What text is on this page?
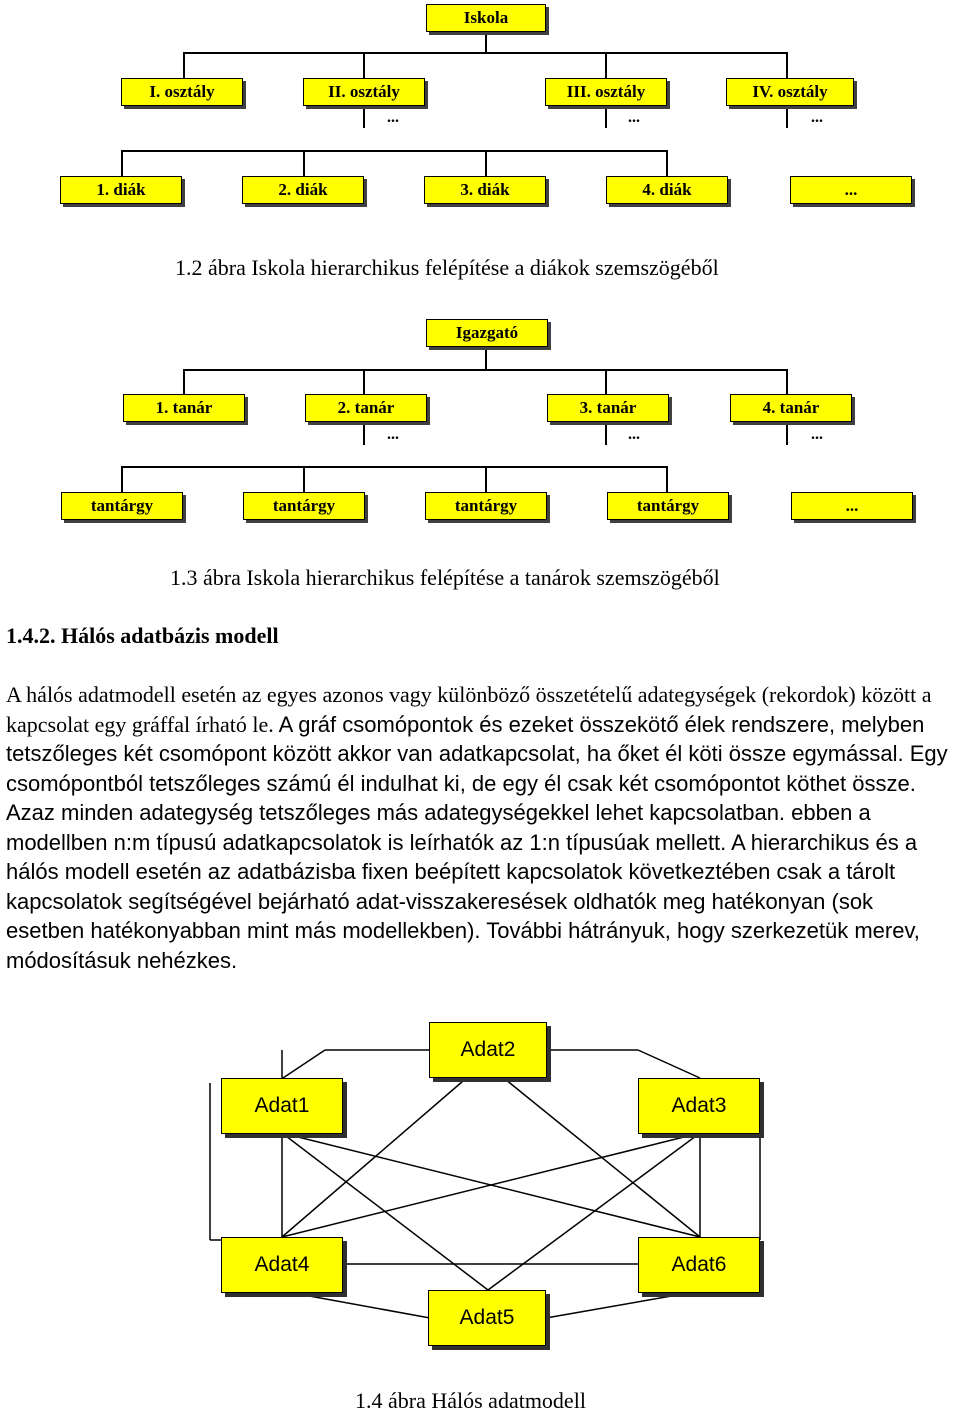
Iskola
I. osztály	II. osztály	III. osztály	IV. osztály
...	...	...
1. diák	2. diák	3. diák	4. diák	...
1.2 ábra Iskola hierarchikus felépítése a diákok szemszögéből
Igazgató
1. tanár	2. tanár	3. tanár	4. tanár
...	...	...
tantárgy	tantárgy	tantárgy	tantárgy	...
1.3 ábra Iskola hierarchikus felépítése a tanárok szemszögéből
1.4.2. Hálós adatbázis modell
A hálós adatmodell esetén az egyes azonos vagy különböző összetételű adategységek (rekordok) között a kapcsolat egy gráffal írható le. A gráf csomópontok és ezeket összekötő élek rendszere, melyben tetszőleges két csomópont között akkor van adatkapcsolat, ha őket él köti össze egymással. Egy csomópontból tetszőleges számú él indulhat ki, de egy él csak két csomópontot köthet össze. Azaz minden adategység tetszőleges más adategységekkel lehet kapcsolatban. ebben a modellben n:m típusú adatkapcsolatok is leírhatók az 1:n típusúak mellett. A hierarchikus és a hálós modell esetén az adatbázisba fixen beépített kapcsolatok következtében csak a tárolt kapcsolatok segítségével bejárható adat-visszakeresések oldhatók meg hatékonyan (sok esetben hatékonyabban mint más modellekben). További hátrányuk, hogy szerkezetük merev, módosításuk nehézkes.
Adat1
Adat2
Adat3
Adat4
Adat5
Adat6
1.4 ábra Hálós adatmodell
